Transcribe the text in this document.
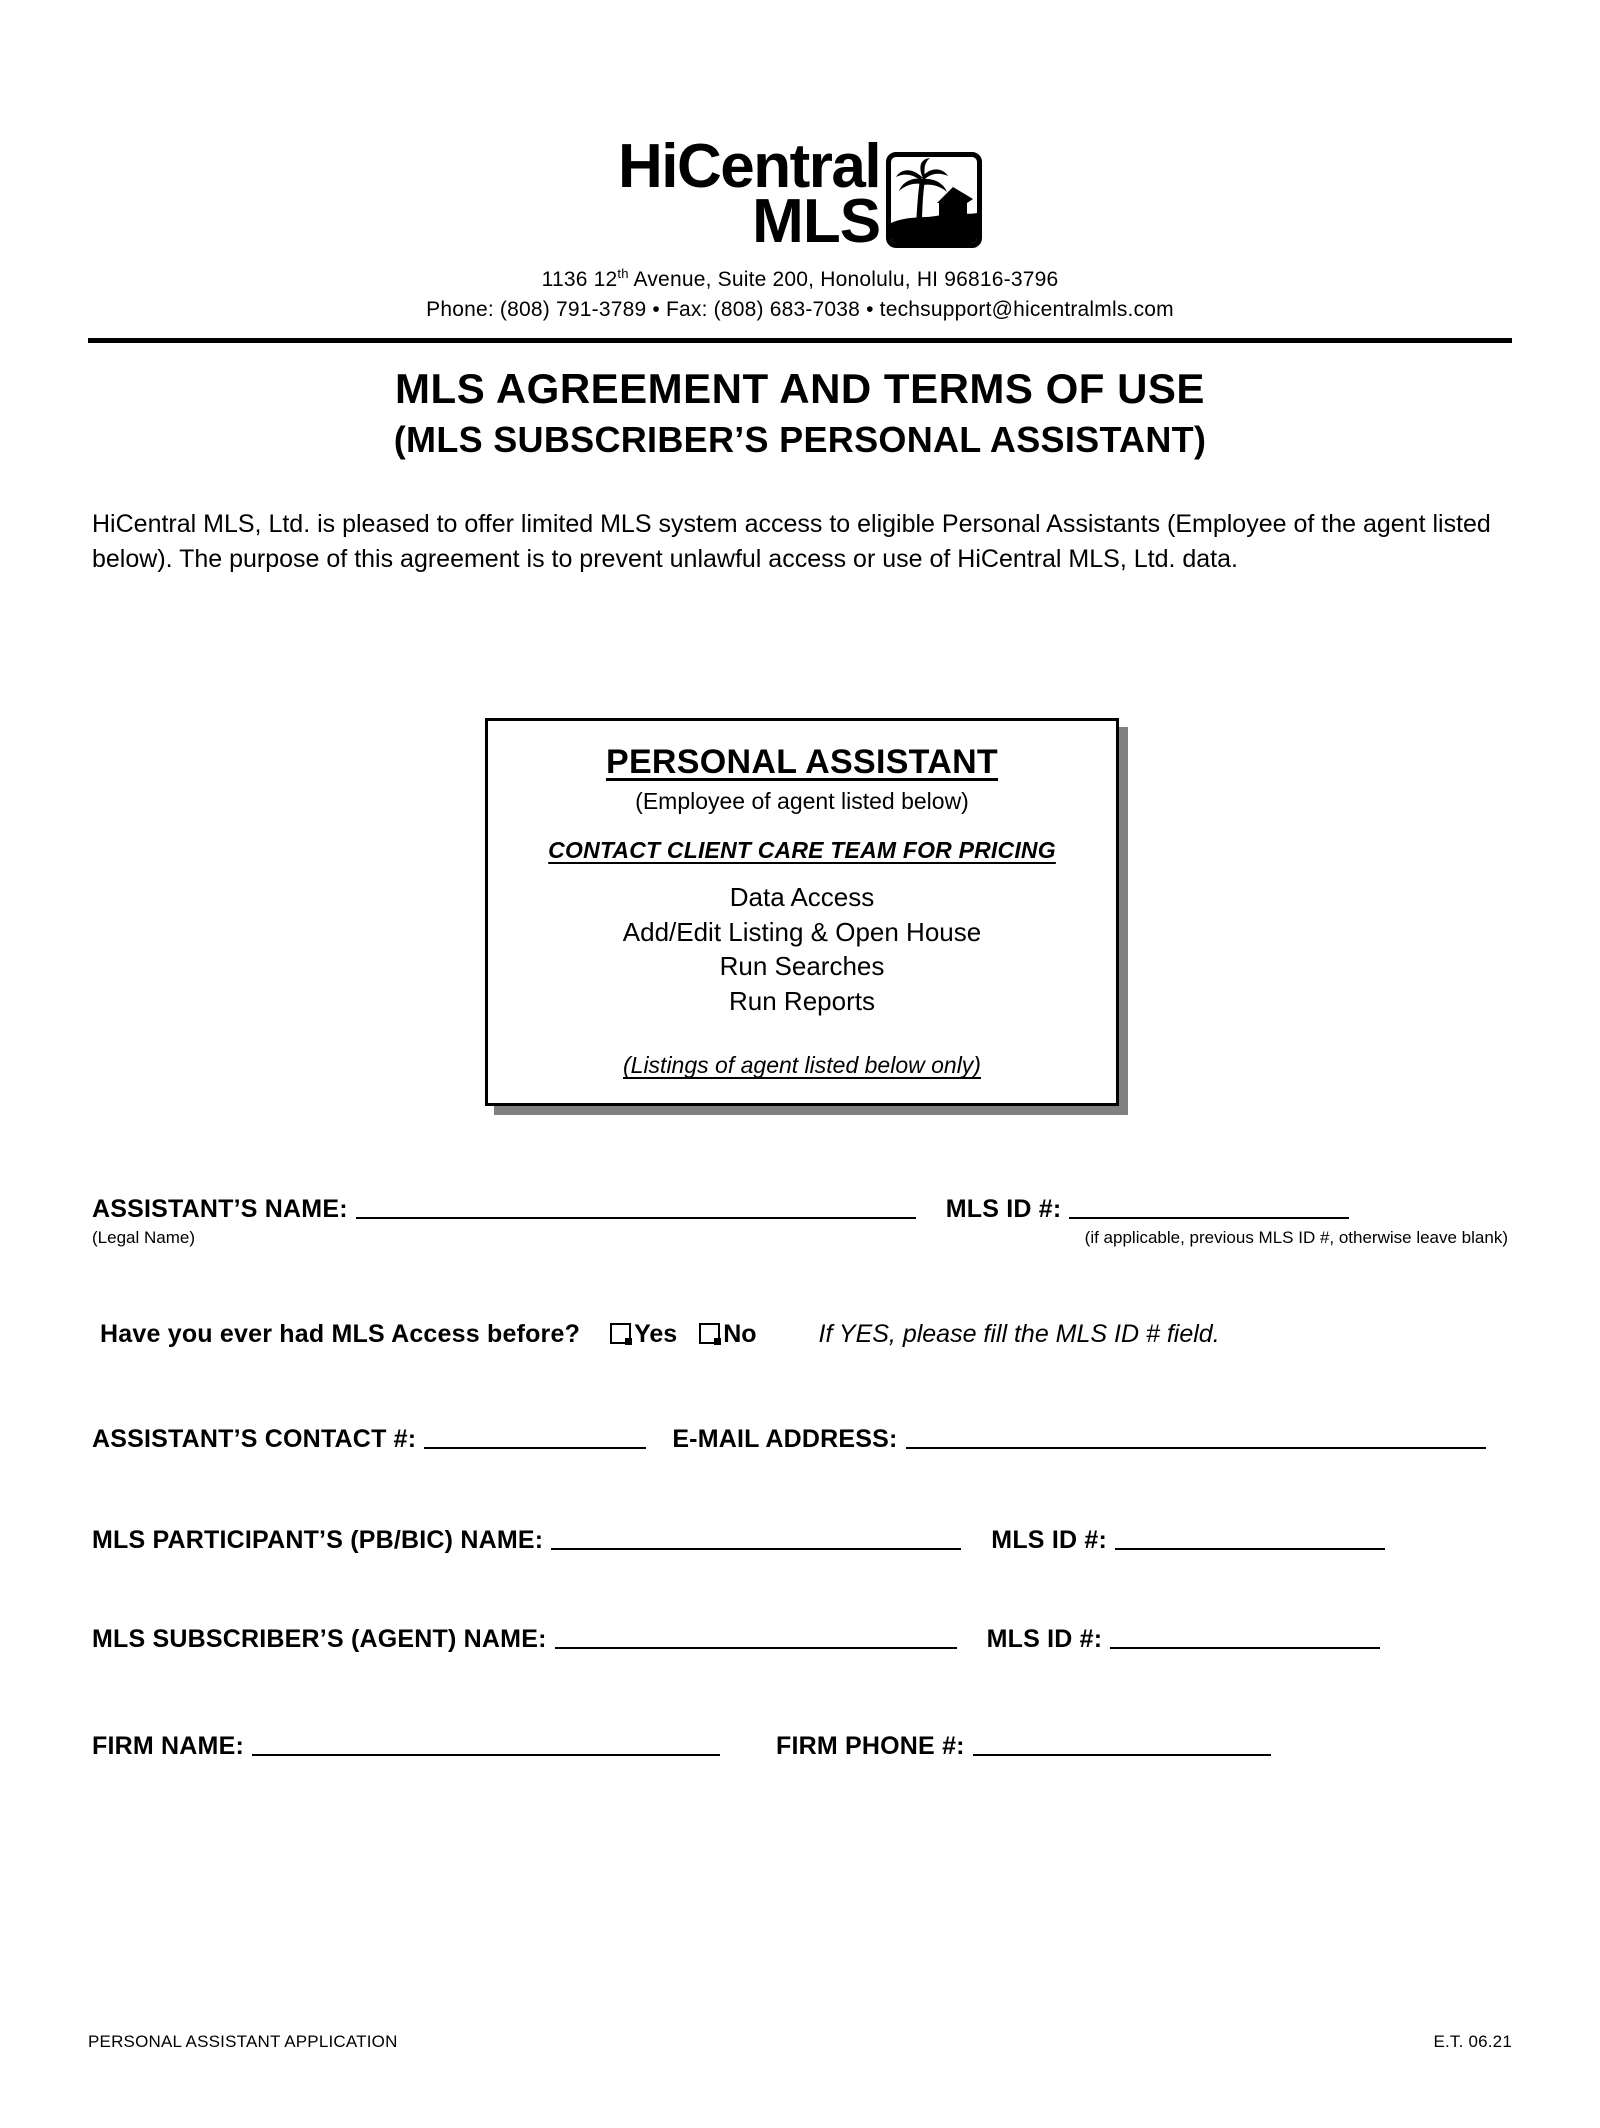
HiCentral
MLS
1136 12th Avenue, Suite 200, Honolulu, HI 96816-3796
Phone: (808) 791-3789 • Fax: (808) 683-7038 • techsupport@hicentralmls.com
MLS AGREEMENT AND TERMS OF USE
(MLS SUBSCRIBER’S PERSONAL ASSISTANT)
HiCentral MLS, Ltd. is pleased to offer limited MLS system access to eligible Personal Assistants (Employee of the agent listed below). The purpose of this agreement is to prevent unlawful access or use of HiCentral MLS, Ltd. data.
PERSONAL ASSISTANT
(Employee of agent listed below)
CONTACT CLIENT CARE TEAM FOR PRICING
Data Access
Add/Edit Listing & Open House
Run Searches
Run Reports
(Listings of agent listed below only)
ASSISTANT’S NAME:	MLS ID #:
(Legal Name)	(if applicable, previous MLS ID #, otherwise leave blank)
Have you ever had MLS Access before?	Yes	No	If YES, please fill the MLS ID # field.
ASSISTANT’S CONTACT #:	E-MAIL ADDRESS:
MLS PARTICIPANT’S (PB/BIC) NAME:	MLS ID #:
MLS SUBSCRIBER’S (AGENT) NAME:	MLS ID #:
FIRM NAME:	FIRM PHONE #:
PERSONAL ASSISTANT APPLICATION	E.T. 06.21
